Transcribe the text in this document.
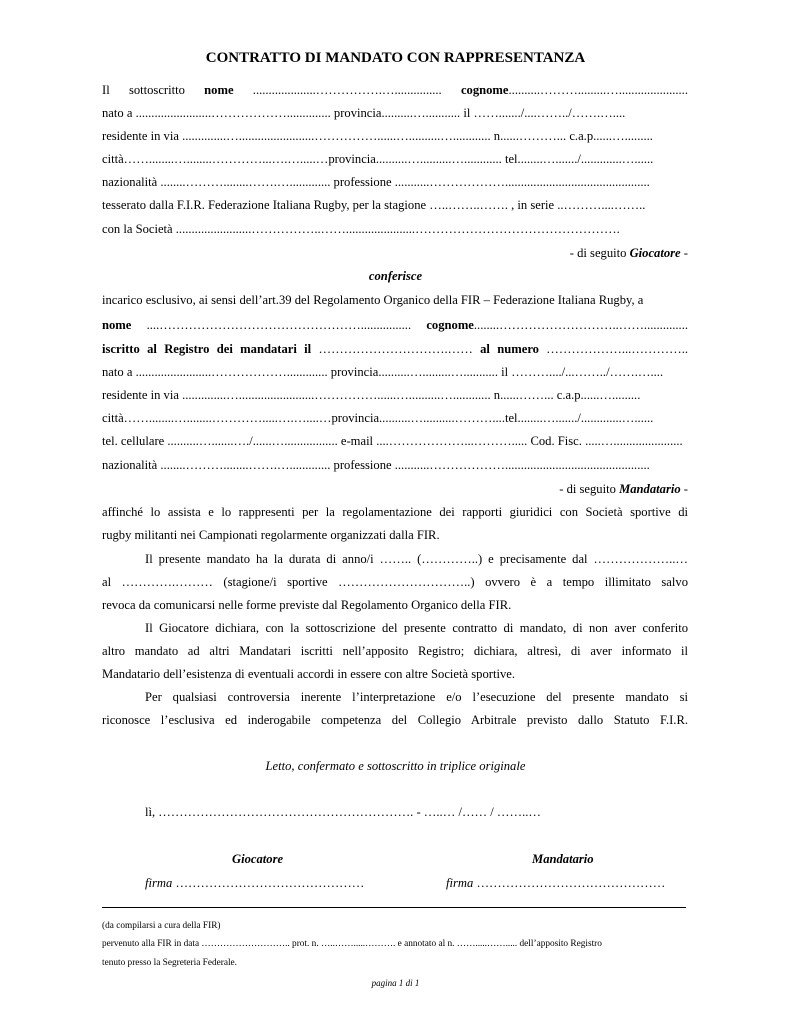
CONTRATTO DI MANDATO CON RAPPRESENTANZA
Il sottoscritto nome ....................…………….…............... cognome..........……….........…......................
nato a ........................……………….............. provincia..........…........... il ……......./....……../…….…....
residente in via ..............…........................……………......…..........…............ n......………... c.a.p......….........
città……........…........…………...….….....…provincia..........…..........…............ tel........…......./.............…......
nazionalità ........………........…….…............. professione ...........………………..............................................
tesserato dalla F.I.R. Federazione Italiana Rugby, per la stagione …..……..……. , in serie ..………....……..
con la Società ........................……………..……......................………………………………………….
- di seguito Giocatore -
conferisce
incarico esclusivo, ai sensi dell’art.39 del Regolamento Organico della FIR – Federazione Italiana Rugby, a
nome ....…………………………………………................ cognome........………………………..……..............
iscritto al Registro dei mandatari il ………………………….…… al numero ………………...…………..
nato a ........................………………............. provincia..........….........…........... il ………..../...……../…….…....
residente in via ..............…........................……………......…..........…............ n......……... c.a.p......….........
città……........…........………….....….…....…provincia..........…..........………....tel........…......./.............…......
tel. cellulare ..........….......…./......…................. e-mail ....………………...………..... Cod. Fisc. .....…......................
nazionalità ........………........…….…............. professione ...........………………..............................................
- di seguito Mandatario -
affinché lo assista e lo rappresenti per la regolamentazione dei rapporti giuridici con Società sportive di
rugby militanti nei Campionati regolarmente organizzati dalla FIR.
Il presente mandato ha la durata di anno/i …….. (…………..) e precisamente dal ………………..…
al ………….……… (stagione/i sportive …………………………..) ovvero è a tempo illimitato salvo
revoca da comunicarsi nelle forme previste dal Regolamento Organico della FIR.
Il Giocatore dichiara, con la sottoscrizione del presente contratto di mandato, di non aver conferito
altro mandato ad altri Mandatari iscritti nell’apposito Registro; dichiara, altresì, di aver informato il
Mandatario dell’esistenza di eventuali accordi in essere con altre Società sportive.
Per qualsiasi controversia inerente l’interpretazione e/o l’esecuzione del presente mandato si
riconosce l’esclusiva ed inderogabile competenza del Collegio Arbitrale previsto dallo Statuto F.I.R.
Letto, confermato e sottoscritto in triplice originale
lì, ……………………………………………………. - …..… /…… / ……..…
Giocatore	Mandatario
firma ………………………………………	firma ………………………………………
(da compilarsi a cura della FIR)
pervenuto alla FIR in data ……………………….. prot. n. …..…….....………. e annotato al n. …….....……..... dell’apposito Registro
tenuto presso la Segreteria Federale.
pagina 1 di 1
